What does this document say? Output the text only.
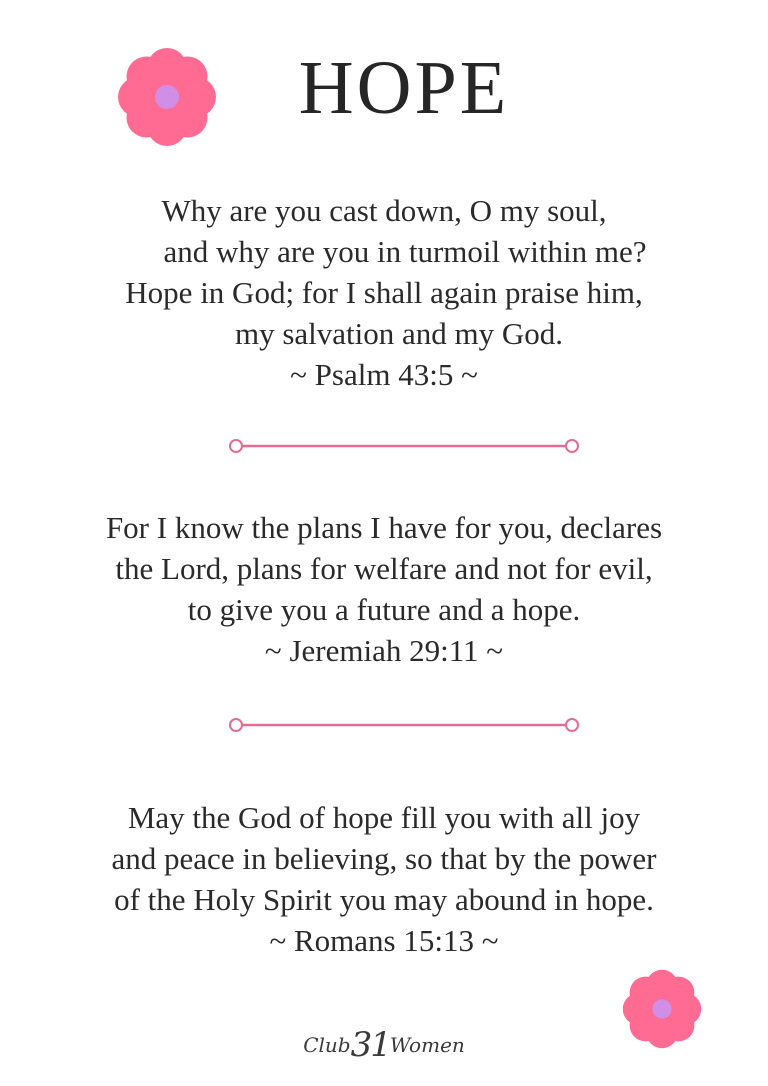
HOPE
Why are you cast down, O my soul,
and why are you in turmoil within me?
Hope in God; for I shall again praise him,
my salvation and my God.
~ Psalm 43:5 ~
For I know the plans I have for you, declares
the Lord, plans for welfare and not for evil,
to give you a future and a hope.
~ Jeremiah 29:11 ~
May the God of hope fill you with all joy
and peace in believing, so that by the power
of the Holy Spirit you may abound in hope.
~ Romans 15:13 ~
Club31Women
